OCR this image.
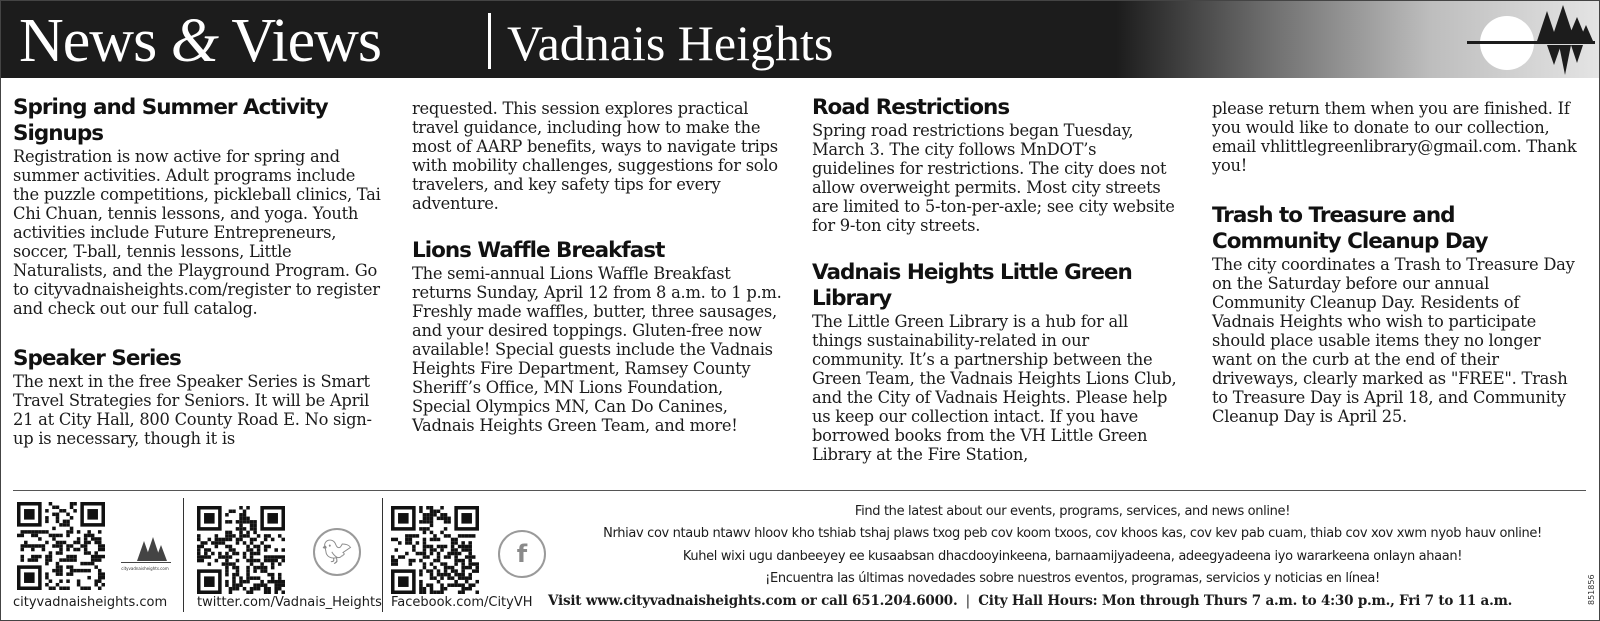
News & Views	Vadnais Heights
Spring and Summer Activity Signups

Registration is now active for spring and summer activities. Adult programs include the puzzle competitions, pickleball clinics, Tai Chi Chuan, tennis lessons, and yoga. Youth activities include Future Entrepreneurs, soccer, T-ball, tennis lessons, Little Naturalists, and the Playground Program. Go to cityvadnaisheights.com/register to register and check out our full catalog.

Speaker Series

The next in the free Speaker Series is Smart Travel Strategies for Seniors. It will be April 21 at City Hall, 800 County Road E. No sign-up is necessary, though it is

requested. This session explores practical travel guidance, including how to make the most of AARP benefits, ways to navigate trips with mobility challenges, suggestions for solo travelers, and key safety tips for every adventure.

Lions Waffle Breakfast

The semi-annual Lions Waffle Breakfast returns Sunday, April 12 from 8 a.m. to 1 p.m. Freshly made waffles, butter, three sausages, and your desired toppings. Gluten-free now available! Special guests include the Vadnais Heights Fire Department, Ramsey County Sheriff’s Office, MN Lions Foundation, Special Olympics MN, Can Do Canines, Vadnais Heights Green Team, and more!

Road Restrictions

Spring road restrictions began Tuesday, March 3. The city follows MnDOT’s guidelines for restrictions. The city does not allow overweight permits. Most city streets are limited to 5-ton-per-axle; see city website for 9-ton city streets.

Vadnais Heights Little Green Library

The Little Green Library is a hub for all things sustainability-related in our community. It’s a partnership between the Green Team, the Vadnais Heights Lions Club, and the City of Vadnais Heights. Please help us keep our collection intact. If you have borrowed books from the VH Little Green Library at the Fire Station,

please return them when you are finished. If you would like to donate to our collection, email vhlittlegreenlibrary@gmail.com. Thank you!

Trash to Treasure and Community Cleanup Day

The city coordinates a Trash to Treasure Day on the Saturday before our annual Community Cleanup Day. Residents of Vadnais Heights who wish to participate should place usable items they no longer want on the curb at the end of their driveways, clearly marked as "FREE". Trash to Treasure Day is April 18, and Community Cleanup Day is April 25.

cityvadnaisheights.com
cityvadnaisheights.com
🐦︎
twitter.com/Vadnais_Heights
f
Facebook.com/CityVH
Find the latest about our events, programs, services, and news online!
Nrhiav cov ntaub ntawv hloov kho tshiab tshaj plaws txog peb cov koom txoos, cov khoos kas, cov kev pab cuam, thiab cov xov xwm nyob hauv online!
Kuhel wixi ugu danbeeyey ee kusaabsan dhacdooyinkeena, barnaamijyadeena, adeegyadeena iyo wararkeena onlayn ahaan!
¡Encuentra las últimas novedades sobre nuestros eventos, programas, servicios y noticias en línea!
Visit www.cityvadnaisheights.com or call 651.204.6000.  |  City Hall Hours: Mon through Thurs 7 a.m. to 4:30 p.m., Fri 7 to 11 a.m.	851856
